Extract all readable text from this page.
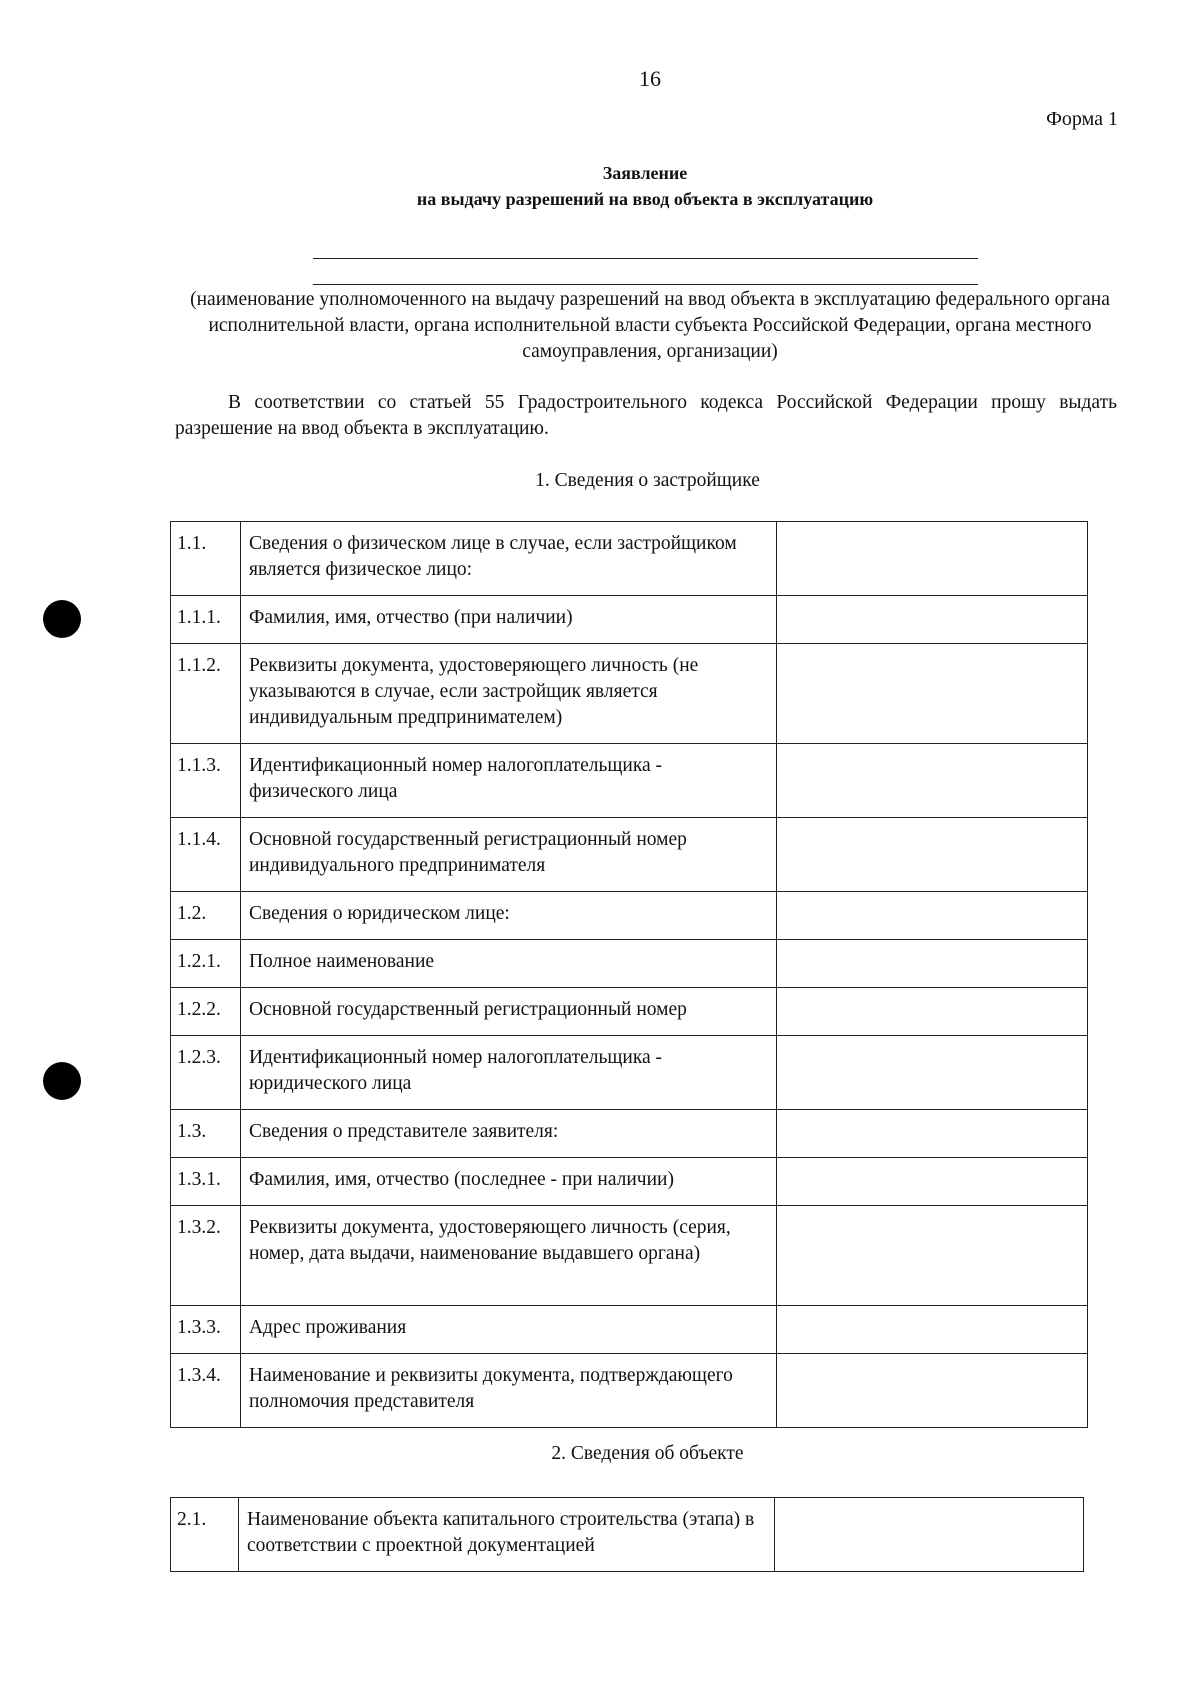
16
Форма 1
Заявление
на выдачу разрешений на ввод объекта в эксплуатацию
(наименование уполномоченного на выдачу разрешений на ввод объекта в эксплуатацию федерального органа исполнительной власти, органа исполнительной власти субъекта Российской Федерации, органа местного самоуправления, организации)
В соответствии со статьей 55 Градостроительного кодекса Российской Федерации прошу выдать разрешение на ввод объекта в эксплуатацию.
1. Сведения о застройщике
1.1.	Сведения о физическом лице в случае, если застройщиком является физическое лицо:	
1.1.1.	Фамилия, имя, отчество (при наличии)	
1.1.2.	Реквизиты документа, удостоверяющего личность (не указываются в случае, если застройщик является индивидуальным предпринимателем)	
1.1.3.	Идентификационный номер налогоплательщика - физического лица	
1.1.4.	Основной государственный регистрационный номер индивидуального предпринимателя	
1.2.	Сведения о юридическом лице:	
1.2.1.	Полное наименование	
1.2.2.	Основной государственный регистрационный номер	
1.2.3.	Идентификационный номер налогоплательщика - юридического лица	
1.3.	Сведения о представителе заявителя:	
1.3.1.	Фамилия, имя, отчество (последнее - при наличии)	
1.3.2.	Реквизиты документа, удостоверяющего личность (серия, номер, дата выдачи, наименование выдавшего органа)	
1.3.3.	Адрес проживания	
1.3.4.	Наименование и реквизиты документа, подтверждающего полномочия представителя	
2. Сведения об объекте
2.1.	Наименование объекта капитального строительства (этапа) в соответствии с проектной документацией	
